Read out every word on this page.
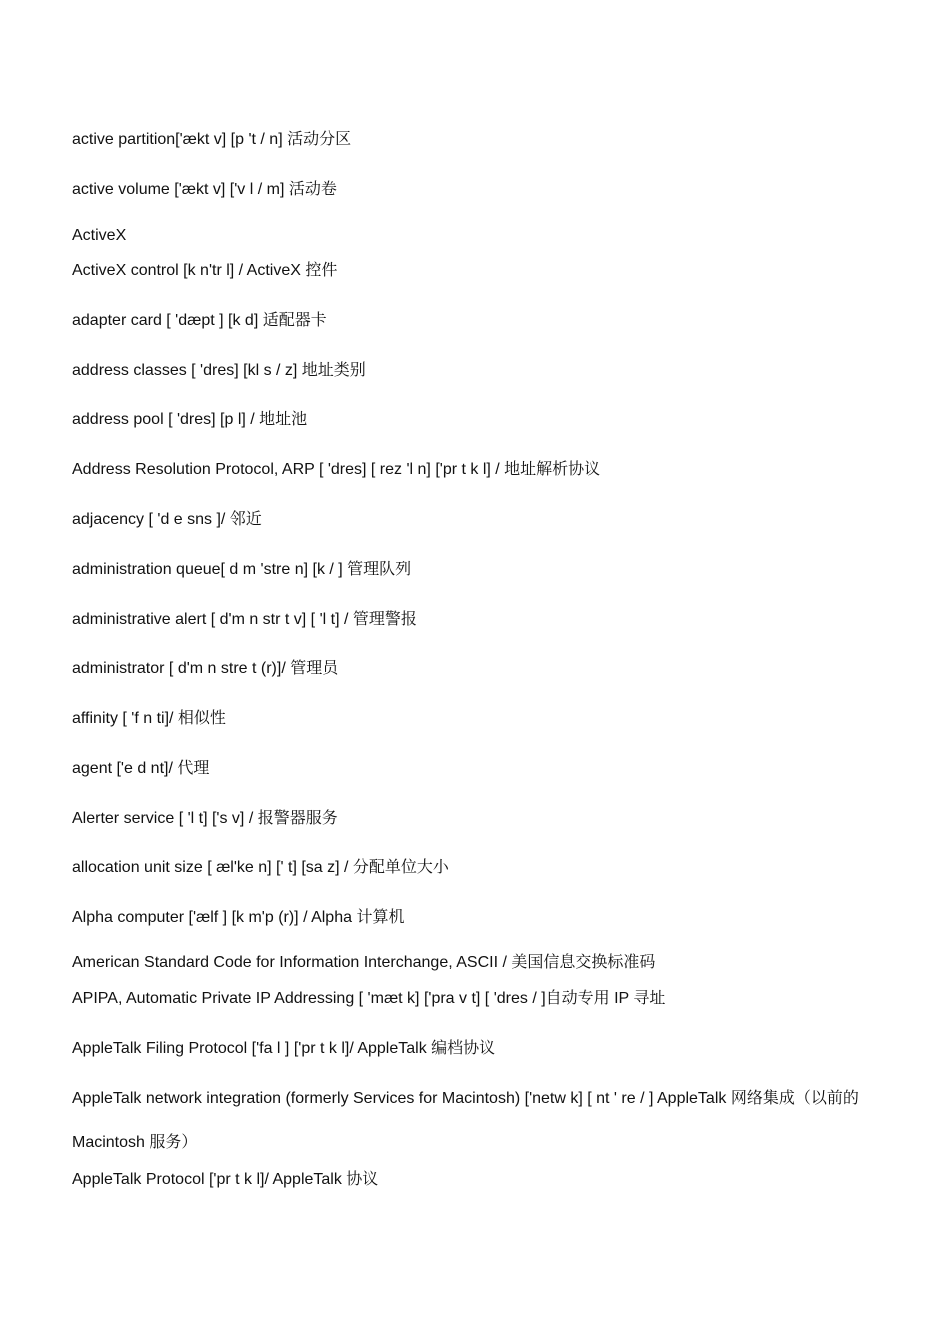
active partition['ækt v] [p 't / n] 活动分区
active volume ['ækt v] ['v l / m] 活动卷
ActiveX
ActiveX control [k n'tr l] / ActiveX 控件
adapter card [ 'dæpt ] [k d] 适配器卡
address classes [ 'dres] [kl s / z] 地址类别
address pool [ 'dres] [p l] / 地址池
Address Resolution Protocol, ARP [ 'dres] [ rez 'l n] ['pr t k l] / 地址解析协议
adjacency [ 'd e sns ]/ 邻近
administration queue[ d m 'stre n] [k / ] 管理队列
administrative alert [ d'm n str t v] [ 'l t] / 管理警报
administrator [ d'm n stre t (r)]/ 管理员
affinity [ 'f n ti]/ 相似性
agent ['e d nt]/ 代理
Alerter service [ 'l t] ['s v] / 报警器服务
allocation unit size [ æl'ke n] [' t] [sa z] / 分配单位大小
Alpha computer ['ælf ] [k m'p (r)] / Alpha 计算机
American Standard Code for Information Interchange, ASCII / 美国信息交换标准码
APIPA, Automatic Private IP Addressing [ 'mæt k] ['pra v t] [ 'dres / ]自动专用 IP 寻址
AppleTalk Filing Protocol ['fa l ] ['pr t k l]/ AppleTalk 编档协议
AppleTalk network integration (formerly Services for Macintosh) ['netw k] [ nt ' re / ] AppleTalk 网络集成（以前的 Macintosh 服务）
AppleTalk Protocol ['pr t k l]/ AppleTalk 协议
